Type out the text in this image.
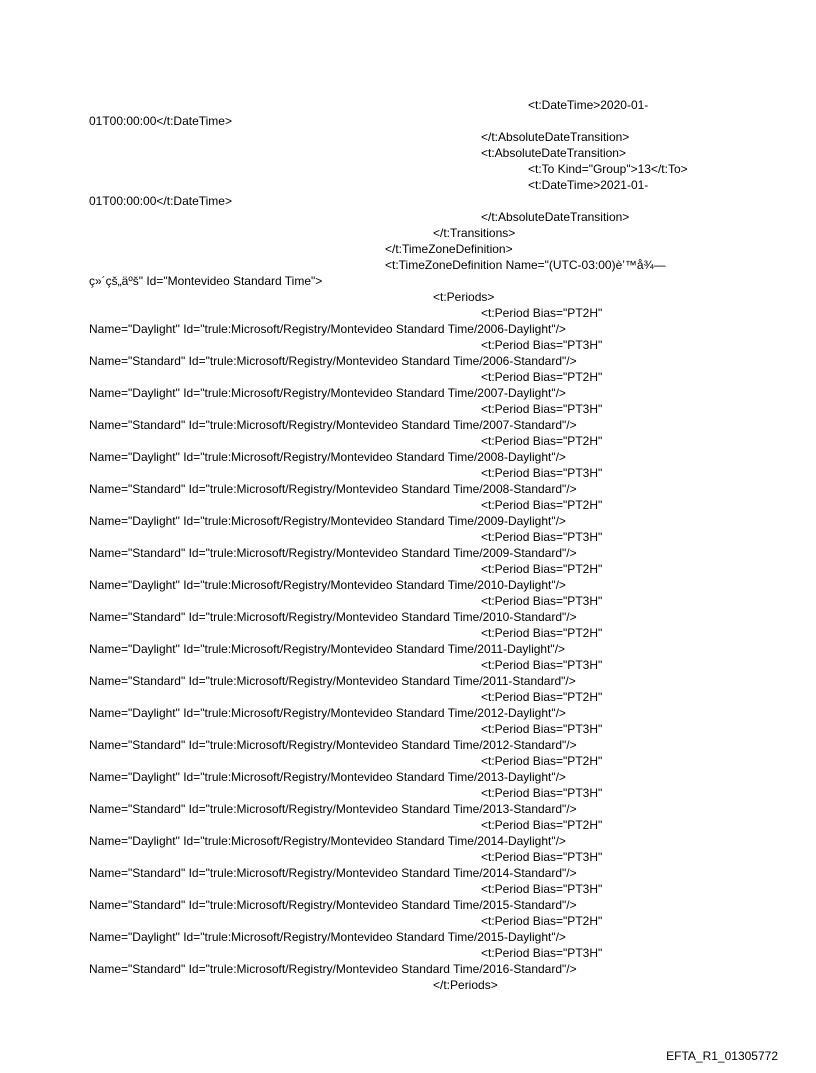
<t:DateTime>2020-01-
01T00:00:00</t:DateTime>
</t:AbsoluteDateTransition>
<t:AbsoluteDateTransition>
<t:To Kind="Group">13</t:To>
<t:DateTime>2021-01-
01T00:00:00</t:DateTime>
</t:AbsoluteDateTransition>
</t:Transitions>
</t:TimeZoneDefinition>
<t:TimeZoneDefinition Name="(UTC-03:00)è’™å¾—
ç»´çš„äºš" Id="Montevideo Standard Time">
<t:Periods>
<t:Period Bias="PT2H"
Name="Daylight" Id="trule:Microsoft/Registry/Montevideo Standard Time/2006-Daylight"/>
<t:Period Bias="PT3H"
Name="Standard" Id="trule:Microsoft/Registry/Montevideo Standard Time/2006-Standard"/>
<t:Period Bias="PT2H"
Name="Daylight" Id="trule:Microsoft/Registry/Montevideo Standard Time/2007-Daylight"/>
<t:Period Bias="PT3H"
Name="Standard" Id="trule:Microsoft/Registry/Montevideo Standard Time/2007-Standard"/>
<t:Period Bias="PT2H"
Name="Daylight" Id="trule:Microsoft/Registry/Montevideo Standard Time/2008-Daylight"/>
<t:Period Bias="PT3H"
Name="Standard" Id="trule:Microsoft/Registry/Montevideo Standard Time/2008-Standard"/>
<t:Period Bias="PT2H"
Name="Daylight" Id="trule:Microsoft/Registry/Montevideo Standard Time/2009-Daylight"/>
<t:Period Bias="PT3H"
Name="Standard" Id="trule:Microsoft/Registry/Montevideo Standard Time/2009-Standard"/>
<t:Period Bias="PT2H"
Name="Daylight" Id="trule:Microsoft/Registry/Montevideo Standard Time/2010-Daylight"/>
<t:Period Bias="PT3H"
Name="Standard" Id="trule:Microsoft/Registry/Montevideo Standard Time/2010-Standard"/>
<t:Period Bias="PT2H"
Name="Daylight" Id="trule:Microsoft/Registry/Montevideo Standard Time/2011-Daylight"/>
<t:Period Bias="PT3H"
Name="Standard" Id="trule:Microsoft/Registry/Montevideo Standard Time/2011-Standard"/>
<t:Period Bias="PT2H"
Name="Daylight" Id="trule:Microsoft/Registry/Montevideo Standard Time/2012-Daylight"/>
<t:Period Bias="PT3H"
Name="Standard" Id="trule:Microsoft/Registry/Montevideo Standard Time/2012-Standard"/>
<t:Period Bias="PT2H"
Name="Daylight" Id="trule:Microsoft/Registry/Montevideo Standard Time/2013-Daylight"/>
<t:Period Bias="PT3H"
Name="Standard" Id="trule:Microsoft/Registry/Montevideo Standard Time/2013-Standard"/>
<t:Period Bias="PT2H"
Name="Daylight" Id="trule:Microsoft/Registry/Montevideo Standard Time/2014-Daylight"/>
<t:Period Bias="PT3H"
Name="Standard" Id="trule:Microsoft/Registry/Montevideo Standard Time/2014-Standard"/>
<t:Period Bias="PT3H"
Name="Standard" Id="trule:Microsoft/Registry/Montevideo Standard Time/2015-Standard"/>
<t:Period Bias="PT2H"
Name="Daylight" Id="trule:Microsoft/Registry/Montevideo Standard Time/2015-Daylight"/>
<t:Period Bias="PT3H"
Name="Standard" Id="trule:Microsoft/Registry/Montevideo Standard Time/2016-Standard"/>
</t:Periods>
EFTA_R1_01305772
